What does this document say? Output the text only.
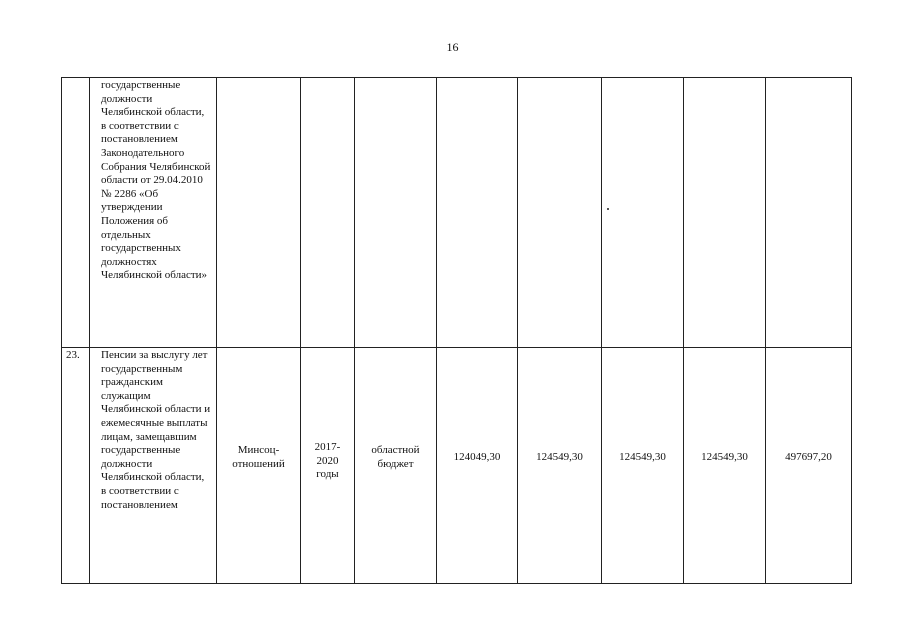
16
	государственные должности Челябинской области, в соответствии с постановлением Законодательного Собрания Челябинской области от 29.04.2010 № 2286 «Об утверждении Положения об отдельных государственных должностях Челябинской области»								
23.	Пенсии за выслугу лет государственным гражданским служащим Челябинской области и ежемесячные выплаты лицам, замещавшим государственные должности Челябинской области, в соответствии с постановлением	Минсоц-отношений	2017-2020 годы	областной бюджет	124049,30	124549,30	124549,30	124549,30	497697,20
